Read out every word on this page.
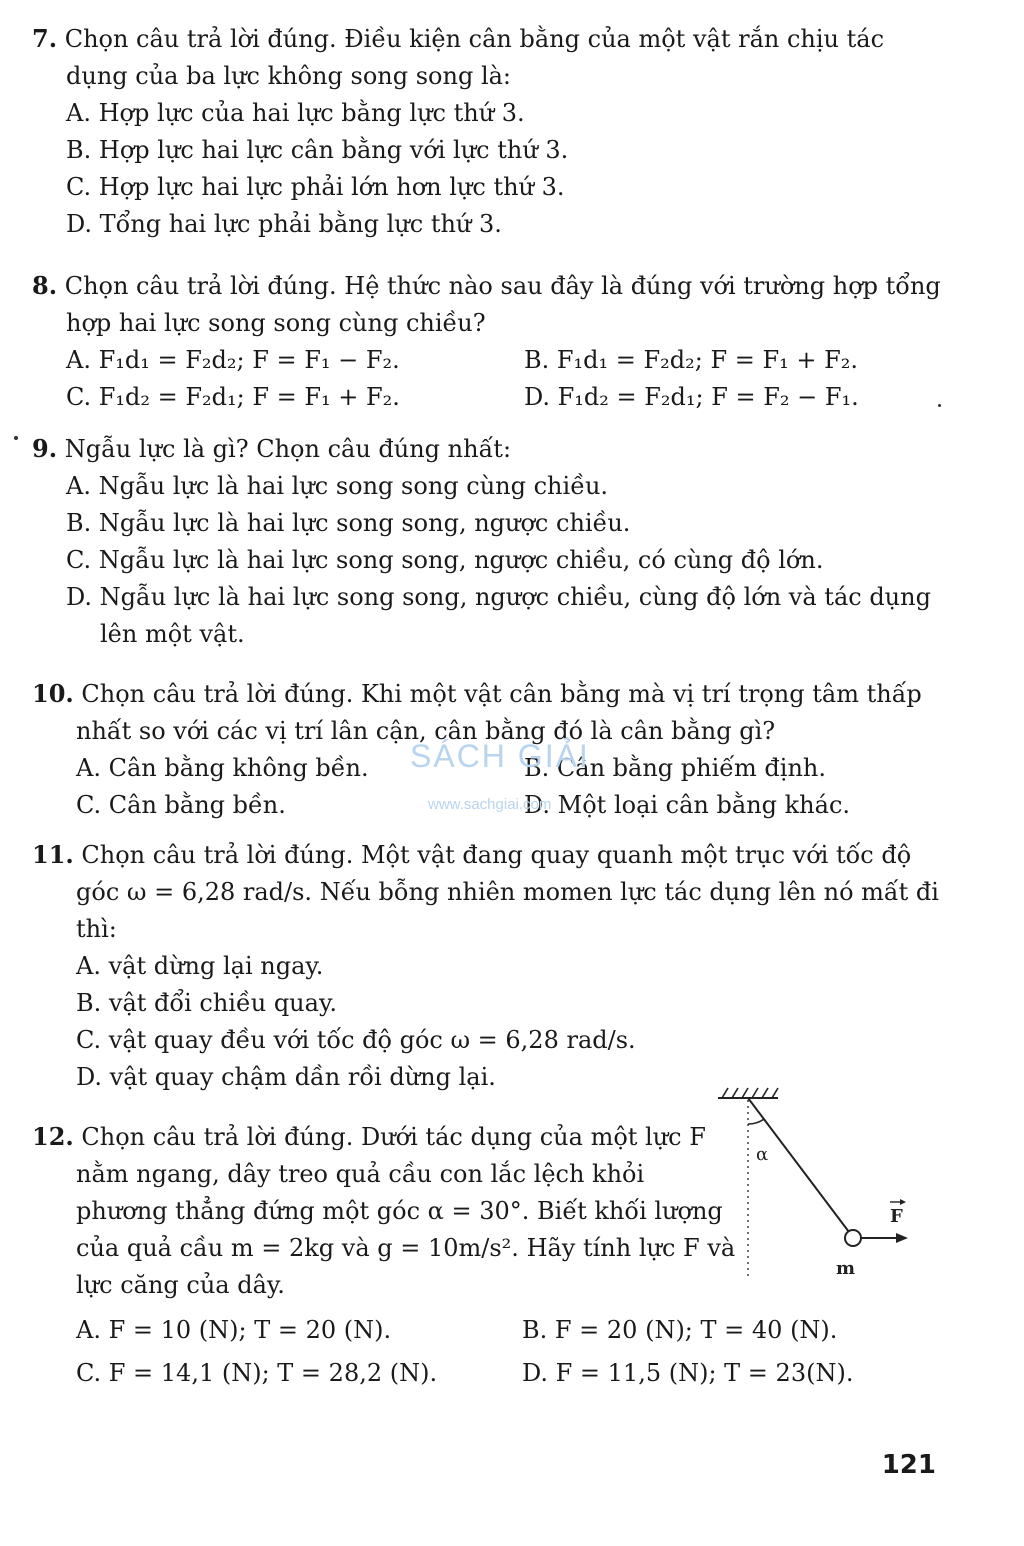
7. Chọn câu trả lời đúng. Điều kiện cân bằng của một vật rắn chịu tác dụng của ba lực không song song là:
A. Hợp lực của hai lực bằng lực thứ 3.
B. Hợp lực hai lực cân bằng với lực thứ 3.
C. Hợp lực hai lực phải lớn hơn lực thứ 3.
D. Tổng hai lực phải bằng lực thứ 3.
8. Chọn câu trả lời đúng. Hệ thức nào sau đây là đúng với trường hợp tổng hợp hai lực song song cùng chiều?
A. F₁d₁ = F₂d₂; F = F₁ − F₂.	B. F₁d₁ = F₂d₂; F = F₁ + F₂.
C. F₁d₂ = F₂d₁; F = F₁ + F₂.	D. F₁d₂ = F₂d₁; F = F₂ − F₁.
9. Ngẫu lực là gì? Chọn câu đúng nhất:
A. Ngẫu lực là hai lực song song cùng chiều.
B. Ngẫu lực là hai lực song song, ngược chiều.
C. Ngẫu lực là hai lực song song, ngược chiều, có cùng độ lớn.
D. Ngẫu lực là hai lực song song, ngược chiều, cùng độ lớn và tác dụng lên một vật.
10. Chọn câu trả lời đúng. Khi một vật cân bằng mà vị trí trọng tâm thấp nhất so với các vị trí lân cận, cân bằng đó là cân bằng gì?
A. Cân bằng không bền.	B. Cân bằng phiếm định.
C. Cân bằng bền.	D. Một loại cân bằng khác.
11. Chọn câu trả lời đúng. Một vật đang quay quanh một trục với tốc độ góc ω = 6,28 rad/s. Nếu bỗng nhiên momen lực tác dụng lên nó mất đi thì:
A. vật dừng lại ngay.
B. vật đổi chiều quay.
C. vật quay đều với tốc độ góc ω = 6,28 rad/s.
D. vật quay chậm dần rồi dừng lại.
12. Chọn câu trả lời đúng. Dưới tác dụng của một lực F nằm ngang, dây treo quả cầu con lắc lệch khỏi phương thẳng đứng một góc α = 30°. Biết khối lượng của quả cầu m = 2kg và g = 10m/s². Hãy tính lực F và lực căng của dây.
A. F = 10 (N); T = 20 (N).	B. F = 20 (N); T = 40 (N).
C. F = 14,1 (N); T = 28,2 (N).	D. F = 11,5 (N); T = 23(N).
α
F
m
SÁCH GIẢI
www.sachgiai.com
121
